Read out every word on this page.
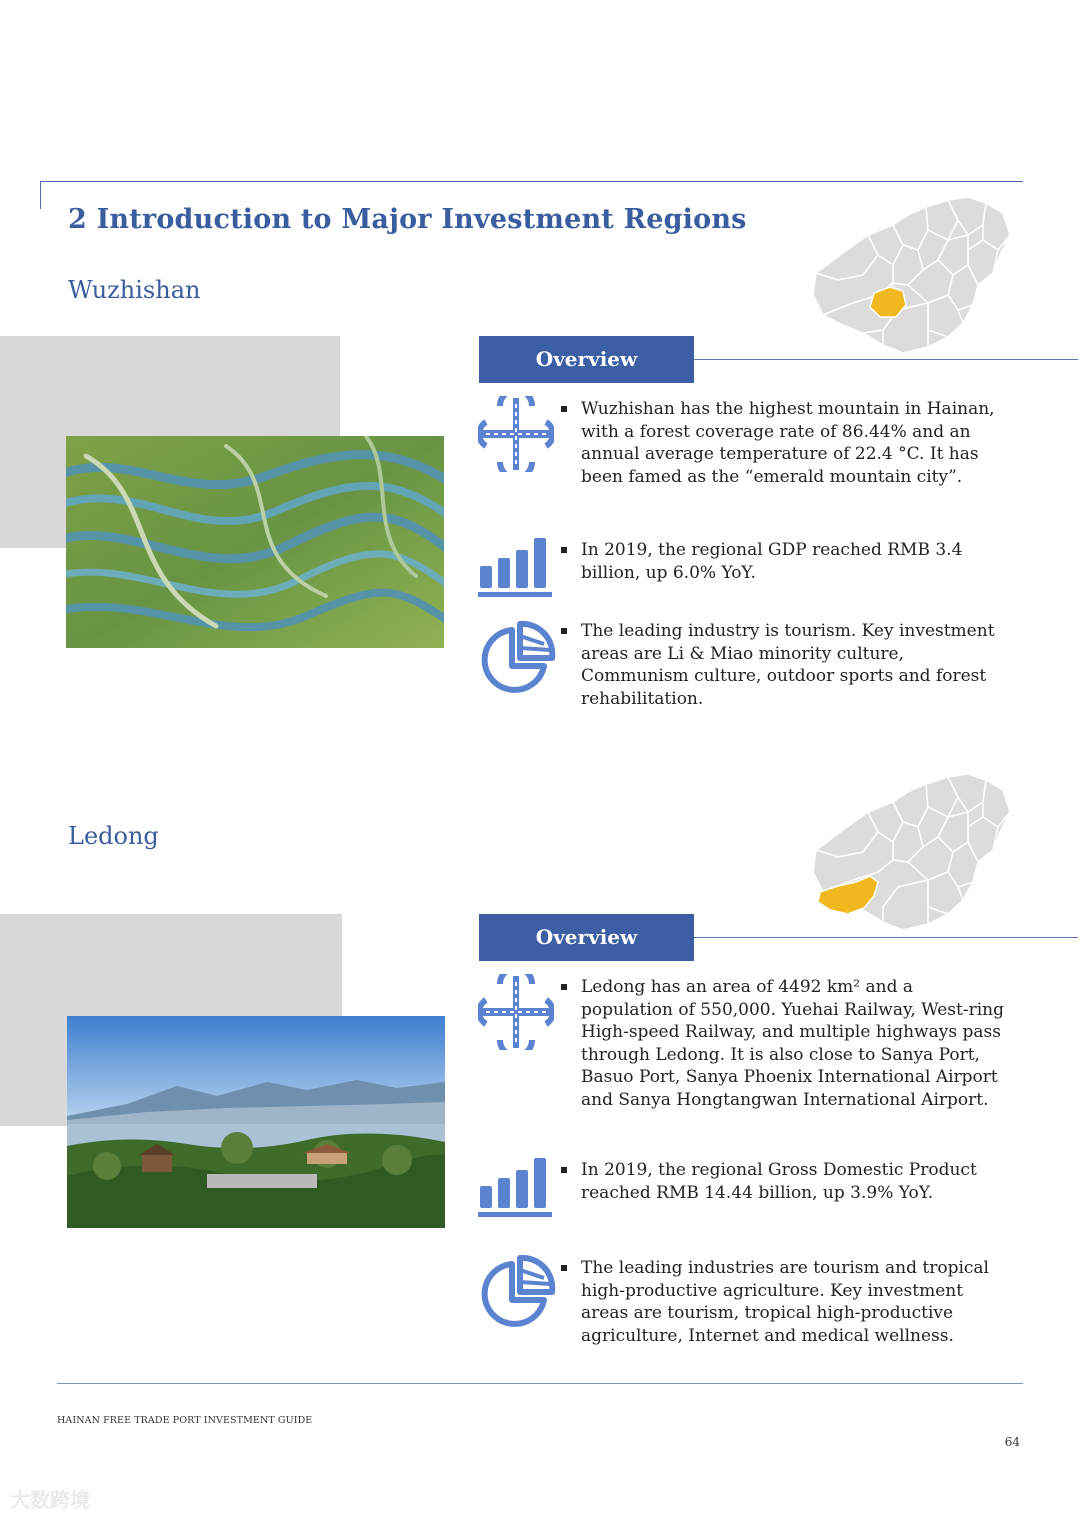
2 Introduction to Major Investment Regions
Wuzhishan
Overview
Wuzhishan has the highest mountain in Hainan, with a forest coverage rate of 86.44% and an annual average temperature of 22.4 °C. It has been famed as the “emerald mountain city”.
In 2019, the regional GDP reached RMB 3.4 billion, up 6.0% YoY.
The leading industry is tourism. Key investment areas are Li & Miao minority culture, Communism culture, outdoor sports and forest rehabilitation.
Ledong
Overview
Ledong has an area of 4492 km² and a population of 550,000. Yuehai Railway, West-ring High-speed Railway, and multiple highways pass through Ledong. It is also close to Sanya Port, Basuo Port, Sanya Phoenix International Airport and Sanya Hongtangwan International Airport.
In 2019, the regional Gross Domestic Product reached RMB 14.44 billion, up 3.9% YoY.
The leading industries are tourism and tropical high-productive agriculture. Key investment areas are tourism, tropical high-productive agriculture, Internet and medical wellness.
HAINAN FREE TRADE PORT INVESTMENT GUIDE
64
大数跨境
